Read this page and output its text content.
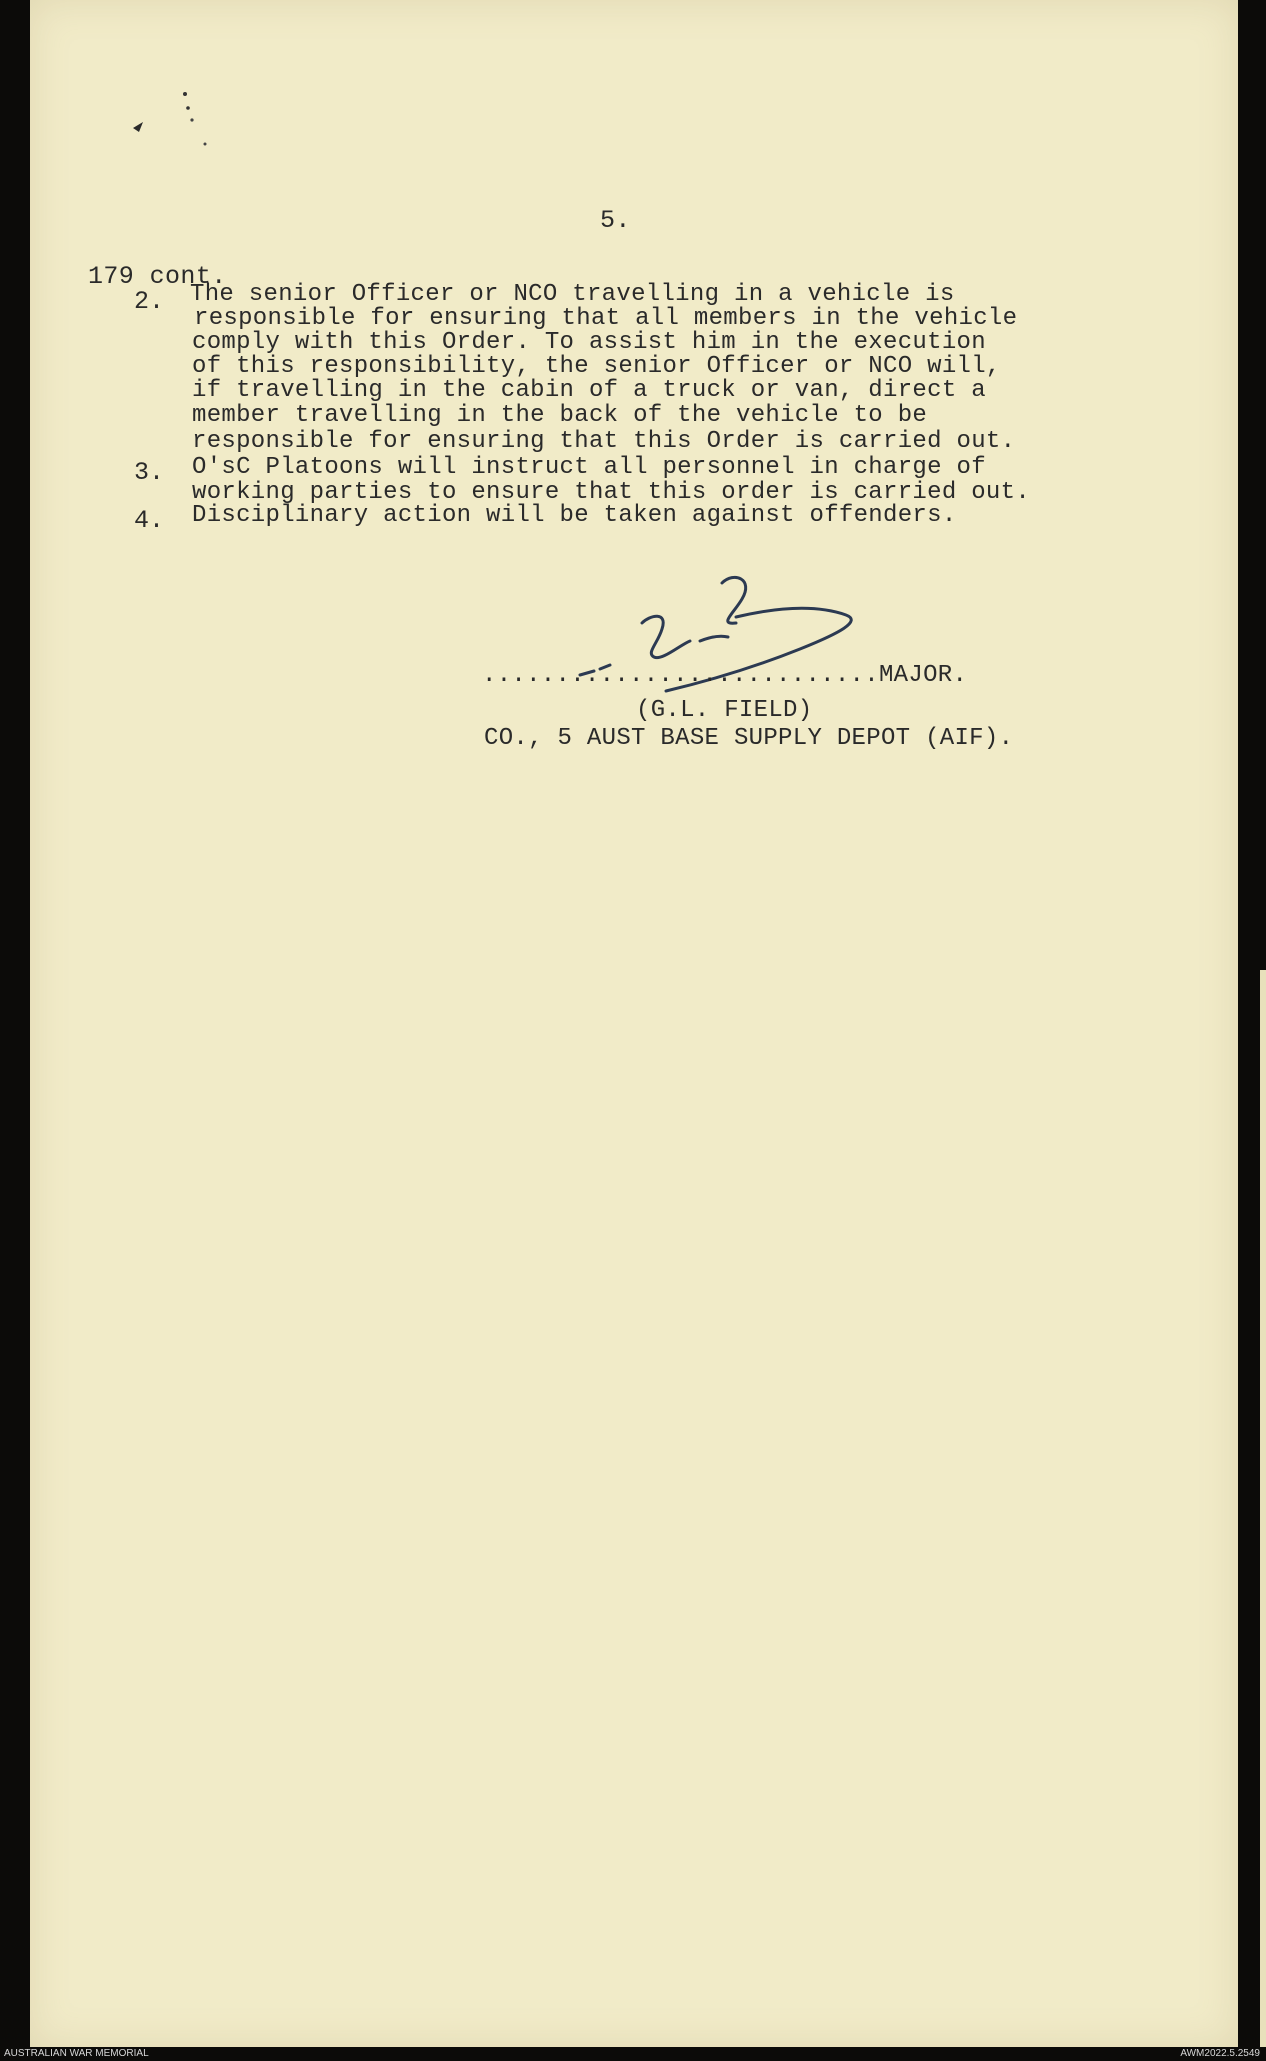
5.
179 cont.
2. The senior Officer or NCO travelling in a vehicle is
responsible for ensuring that all members in the vehicle
comply with this Order. To assist him in the execution
of this responsibility, the senior Officer or NCO will,
if travelling in the cabin of a truck or van, direct a
member travelling in the back of the vehicle to be
responsible for ensuring that this Order is carried out.
3. O'sC Platoons will instruct all personnel in charge of
working parties to ensure that this order is carried out.
4. Disciplinary action will be taken against offenders.
...........................MAJOR.
(G.L. FIELD)
CO., 5 AUST BASE SUPPLY DEPOT (AIF).
AUSTRALIAN WAR MEMORIAL	AWM2022.5.2549
